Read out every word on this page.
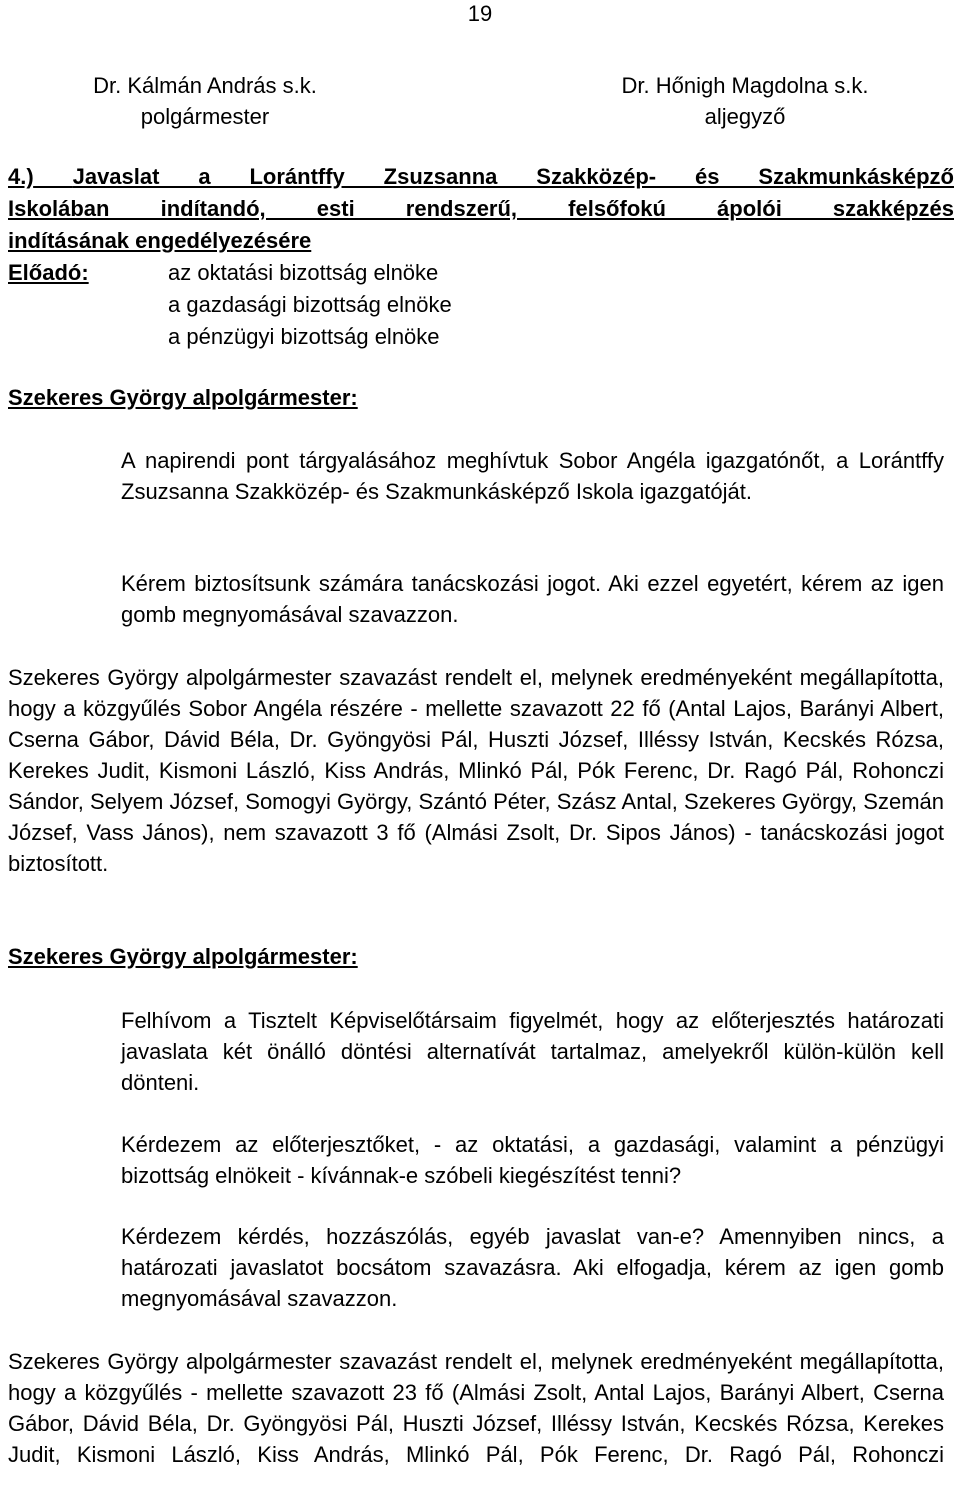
19
Dr. Kálmán András s.k.
polgármester
Dr. Hőnigh Magdolna s.k.
aljegyző
4.) Javaslat a Lorántffy Zsuzsanna Szakközép- és Szakmunkásképző
Iskolában indítandó, esti rendszerű, felsőfokú ápolói szakképzés
indításának engedélyezésére
Előadó:	az oktatási bizottság elnöke
a gazdasági bizottság elnöke
a pénzügyi bizottság elnöke
Szekeres György alpolgármester:

A napirendi pont tárgyalásához meghívtuk Sobor Angéla igazgatónőt, a Lorántffy Zsuzsanna Szakközép- és Szakmunkásképző Iskola igazgatóját.

Kérem biztosítsunk számára tanácskozási jogot. Aki ezzel egyetért, kérem az igen gomb megnyomásával szavazzon.

Szekeres György alpolgármester szavazást rendelt el, melynek eredményeként megállapította, hogy a közgyűlés Sobor Angéla részére - mellette szavazott 22 fő (Antal Lajos, Barányi Albert, Cserna Gábor, Dávid Béla, Dr. Gyöngyösi Pál, Huszti József, Illéssy István, Kecskés Rózsa, Kerekes Judit, Kismoni László, Kiss András, Mlinkó Pál, Pók Ferenc, Dr. Ragó Pál, Rohonczi Sándor, Selyem József, Somogyi György, Szántó Péter, Szász Antal, Szekeres György, Szemán József, Vass János), nem szavazott 3 fő (Almási Zsolt, Dr. Sipos János) - tanácskozási jogot biztosított.

Szekeres György alpolgármester:

Felhívom a Tisztelt Képviselőtársaim figyelmét, hogy az előterjesztés határozati javaslata két önálló döntési alternatívát tartalmaz, amelyekről külön-külön kell dönteni.

Kérdezem az előterjesztőket, - az oktatási, a gazdasági, valamint a pénzügyi bizottság elnökeit - kívánnak-e szóbeli kiegészítést tenni?

Kérdezem kérdés, hozzászólás, egyéb javaslat van-e? Amennyiben nincs, a határozati javaslatot bocsátom szavazásra. Aki elfogadja, kérem az igen gomb megnyomásával szavazzon.

Szekeres György alpolgármester szavazást rendelt el, melynek eredményeként megállapította, hogy a közgyűlés - mellette szavazott 23 fő (Almási Zsolt, Antal Lajos, Barányi Albert, Cserna Gábor, Dávid Béla, Dr. Gyöngyösi Pál, Huszti József, Illéssy István, Kecskés Rózsa, Kerekes Judit, Kismoni László, Kiss András, Mlinkó Pál, Pók Ferenc, Dr. Ragó Pál, Rohonczi
